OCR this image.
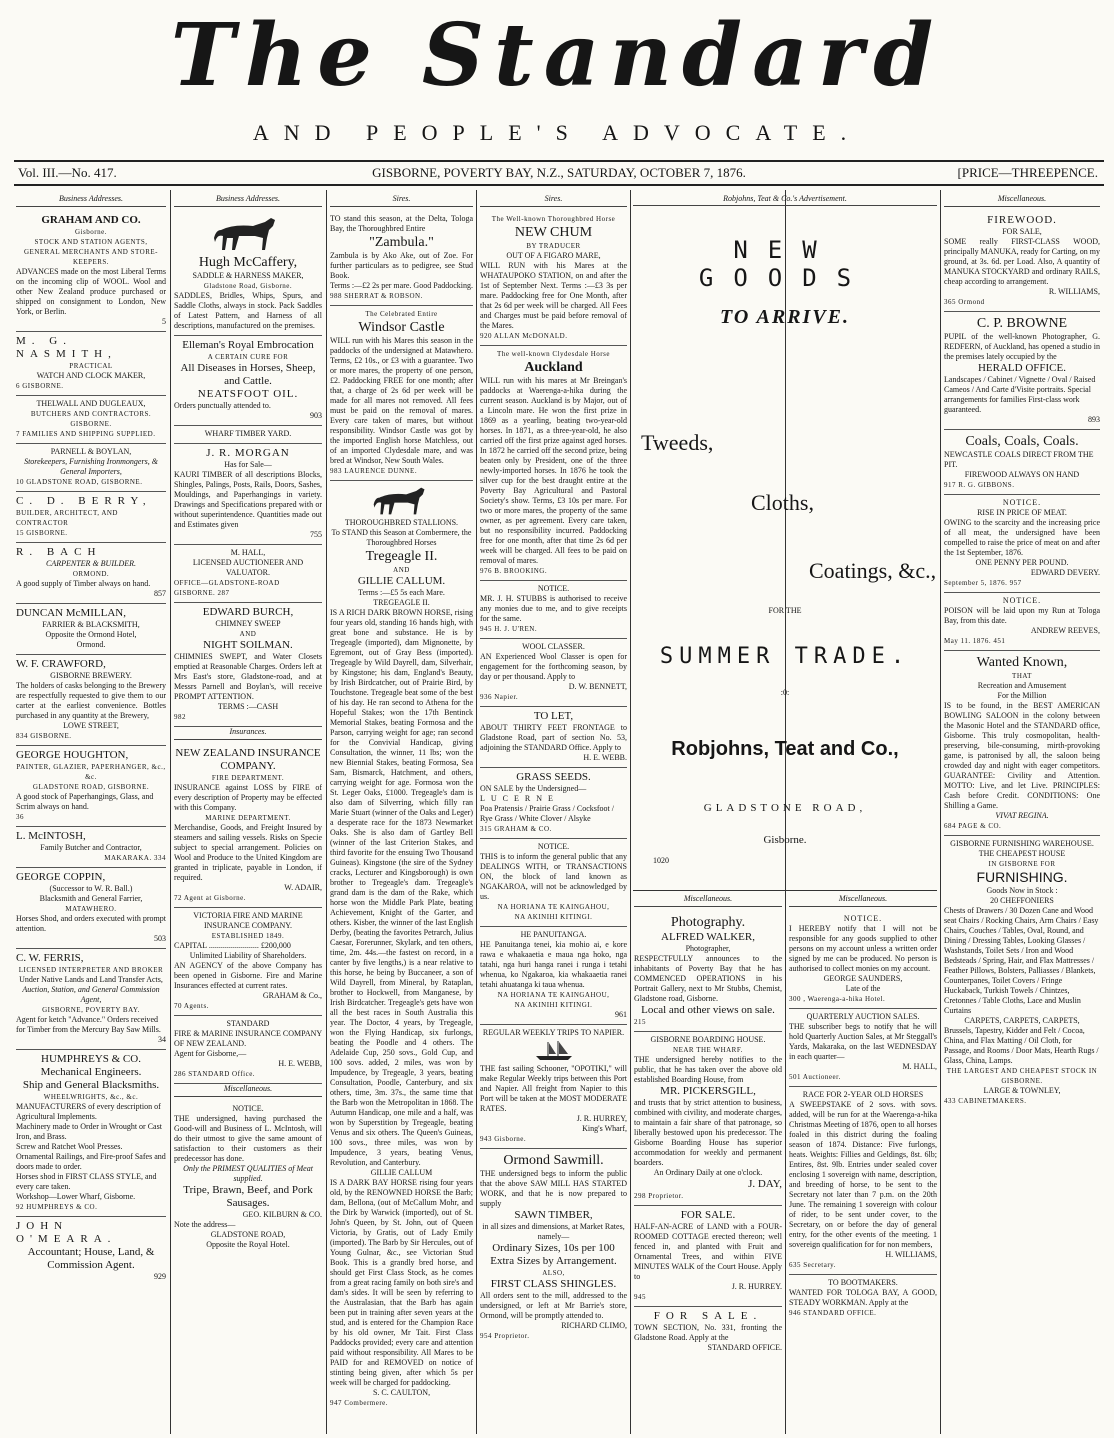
The Standard
AND PEOPLE'S ADVOCATE.
Vol. III.—No. 417.	GISBORNE, POVERTY BAY, N.Z., SATURDAY, OCTOBER 7, 1876.	[PRICE—THREEPENCE.
Business Addresses.

GRAHAM AND CO.

Gisborne.

STOCK AND STATION AGENTS,

GENERAL MERCHANTS AND STORE-KEEPERS.

ADVANCES made on the most Liberal Terms on the incoming clip of WOOL. Wool and other New Zealand produce purchased or shipped on consignment to London, New York, or Berlin.

5

M. G. NASMITH,

PRACTICAL

WATCH AND CLOCK MAKER,

6 GISBORNE.

THELWALL AND DUGLEAUX,

BUTCHERS AND CONTRACTORS.

GISBORNE.

7 FAMILIES AND SHIPPING SUPPLIED.

PARNELL & BOYLAN,

Storekeepers, Furnishing Ironmongers, & General Importers,

10 GLADSTONE ROAD, GISBORNE.

C. D. BERRY,

BUILDER, ARCHITECT, AND CONTRACTOR

15 GISBORNE.

R. BACH

CARPENTER & BUILDER.

ORMOND.

A good supply of Timber always on hand.

857

DUNCAN McMILLAN,

FARRIER & BLACKSMITH,

Opposite the Ormond Hotel,

Ormond.

W. F. CRAWFORD,

GISBORNE BREWERY.

The holders of casks belonging to the Brewery are respectfully requested to give them to our carter at the earliest convenience. Bottles purchased in any quantity at the Brewery,

LOWE STREET,

834 GISBORNE.

GEORGE HOUGHTON,

PAINTER, GLAZIER, PAPERHANGER, &c., &c.

GLADSTONE ROAD, GISBORNE.

A good stock of Paperhangings, Glass, and Scrim always on hand.

36

L. McINTOSH,

Family Butcher and Contractor,

MAKARAKA. 334

GEORGE COPPIN,

(Successor to W. R. Ball.)

Blacksmith and General Farrier,

MATAWHERO.

Horses Shod, and orders executed with prompt attention.

503

C. W. FERRIS,

LICENSED INTERPRETER AND BROKER

Under Native Lands and Land Transfer Acts,

Auction, Station, and General Commission Agent,

GISBORNE, POVERTY BAY.

Agent for ketch "Advance." Orders received for Timber from the Mercury Bay Saw Mills.

34

HUMPHREYS & CO.

Mechanical Engineers.

Ship and General Blacksmiths.

WHEELWRIGHTS, &c., &c.

MANUFACTURERS of every description of Agricultural Implements.

Machinery made to Order in Wrought or Cast Iron, and Brass.

Screw and Ratchet Wool Presses.

Ornamental Railings, and Fire-proof Safes and doors made to order.

Horses shod in FIRST CLASS STYLE, and every care taken.

Workshop—Lower Wharf, Gisborne.

92 HUMPHREYS & CO.

JOHN O'MEARA.

Accountant; House, Land, & Commission Agent.

929

Business Addresses.

Hugh McCaffery,

SADDLE & HARNESS MAKER,

Gladstone Road, Gisborne.

SADDLES, Bridles, Whips, Spurs, and Saddle Cloths, always in stock. Pack Saddles of Latest Pattern, and Harness of all descriptions, manufactured on the premises.

Elleman's Royal Embrocation

A CERTAIN CURE FOR

All Diseases in Horses, Sheep, and Cattle.

NEATSFOOT OIL.

Orders punctually attended to.

903

WHARF TIMBER YARD.

J. R. MORGAN

Has for Sale—

KAURI TIMBER of all descriptions Blocks, Shingles, Palings, Posts, Rails, Doors, Sashes, Mouldings, and Paperhangings in variety. Drawings and Specifications prepared with or without superintendence. Quantities made out and Estimates given

755

M. HALL,

LICENSED AUCTIONEER AND VALUATOR.

OFFICE—GLADSTONE-ROAD GISBORNE. 287

EDWARD BURCH,

CHIMNEY SWEEP

AND

NIGHT SOILMAN.

CHIMNIES SWEPT, and Water Closets emptied at Reasonable Charges. Orders left at Mrs East's store, Gladstone-road, and at Messrs Parnell and Boylan's, will receive PROMPT ATTENTION.

TERMS :—CASH

982

Insurances.

NEW ZEALAND INSURANCE COMPANY.

FIRE DEPARTMENT.

INSURANCE against LOSS by FIRE of every description of Property may be effected with this Company.

MARINE DEPARTMENT.

Merchandise, Goods, and Freight Insured by steamers and sailing vessels. Risks on Specie subject to special arrangement. Policies on Wool and Produce to the United Kingdom are granted in triplicate, payable in London, if required.

W. ADAIR,

72 Agent at Gisborne.

VICTORIA FIRE AND MARINE INSURANCE COMPANY.

ESTABLISHED 1849.

CAPITAL ......................... £200,000

Unlimited Liability of Shareholders.

AN AGENCY of the above Company has been opened in Gisborne. Fire and Marine Insurances effected at current rates.

GRAHAM & Co.,

70 Agents.

STANDARD

FIRE & MARINE INSURANCE COMPANY OF NEW ZEALAND.

Agent for Gisborne,—

H. E. WEBB,

286 STANDARD Office.

Miscellaneous.

NOTICE.

THE undersigned, having purchased the Good-will and Business of L. McIntosh, will do their utmost to give the same amount of satisfaction to their customers as their predecessor has done.

Only the PRIMEST QUALITIES of Meat supplied.

Tripe, Brawn, Beef, and Pork Sausages.

GEO. KILBURN & CO.

Note the address—

GLADSTONE ROAD,

Opposite the Royal Hotel.

Sires.

TO stand this season, at the Delta, Tologa Bay, the Thoroughbred Entire

"Zambula."

Zambula is by Ako Ake, out of Zoe. For further particulars as to pedigree, see Stud Book.

Terms :—£2 2s per mare. Good Paddocking.

988 SHERRAT & ROBSON.

The Celebrated Entire

Windsor Castle

WILL run with his Mares this season in the paddocks of the undersigned at Matawhero. Terms, £2 10s., or £3 with a guarantee. Two or more mares, the property of one person, £2. Paddocking FREE for one month; after that, a charge of 2s 6d per week will be made for all mares not removed. All fees must be paid on the removal of mares. Every care taken of mares, but without responsibility. Windsor Castle was got by the imported English horse Matchless, out of an imported Clydesdale mare, and was bred at Windsor, New South Wales.

983 LAURENCE DUNNE.

THOROUGHBRED STALLIONS.

To STAND this Season at Combermere, the Thoroughbred Horses

Tregeagle II.

AND

GILLIE CALLUM.

Terms :—£5 5s each Mare.

TREGEAGLE II.

IS A RICH DARK BROWN HORSE, rising four years old, standing 16 hands high, with great bone and substance. He is by Tregeagle (imported), dam Mignonette, by Egremont, out of Gray Bess (imported). Tregeagle by Wild Dayrell, dam, Silverhair, by Kingstone; his dam, England's Beauty, by Irish Birdcatcher, out of Prairie Bird, by Touchstone. Tregeagle beat some of the best of his day. He ran second to Athena for the Hopeful Stakes; won the 17th Bentinck Memorial Stakes, beating Formosa and the Parson, carrying weight for age; ran second for the Convivial Handicap, giving Consultation, the winner, 11 lbs; won the new Biennial Stakes, beating Formosa, Sea Sam, Bismarck, Hatchment, and others, carrying weight for age. Formosa won the St. Leger Oaks, £1000. Tregeagle's dam is also dam of Silverring, which filly ran Marie Stuart (winner of the Oaks and Leger) a desperate race for the 1873 Newmarket Oaks. She is also dam of Gartley Bell (winner of the last Criterion Stakes, and third favorite for the ensuing Two Thousand Guineas). Kingstone (the sire of the Sydney cracks, Lecturer and Kingsborough) is own brother to Tregeagle's dam. Tregeagle's grand dam is the dam of the Rake, which horse won the Middle Park Plate, beating Achievement, Knight of the Garter, and others. Kisber, the winner of the last English Derby, (beating the favorites Petrarch, Julius Caesar, Forerunner, Skylark, and ten others, time, 2m. 44s.—the fastest on record, in a canter by five lengths,) is a near relative to this horse, he being by Buccaneer, a son of Wild Dayrell, from Mineral, by Rataplan, brother to Hockwell, from Manganese, by Irish Birdcatcher. Tregeagle's gets have won all the best races in South Australia this year. The Doctor, 4 years, by Tregeagle, won the Flying Handicap, six furlongs, beating the Poodle and 4 others. The Adelaide Cup, 250 sovs., Gold Cup, and 100 sovs. added, 2 miles, was won by Impudence, by Tregeagle, 3 years, beating Consultation, Poodle, Canterbury, and six others, time, 3m. 37s., the same time that the Barb won the Metropolitan in 1868. The Autumn Handicap, one mile and a half, was won by Superstition by Tregeagle, beating Venus and six others. The Queen's Guineas, 100 sovs., three miles, was won by Impudence, 3 years, beating Venus, Revolution, and Canterbury.

GILLIE CALLUM

IS A DARK BAY HORSE rising four years old, by the RENOWNED HORSE the Barb; dam, Bellona, (out of McCallum Mohr, and the Dirk by Warwick (imported), out of St. John's Queen, by St. John, out of Queen Victoria, by Gratis, out of Lady Emily (imported). The Barb by Sir Hercules, out of Young Gulnar, &c., see Victorian Stud Book. This is a grandly bred horse, and should get First Class Stock, as he comes from a great racing family on both sire's and dam's sides. It will be seen by referring to the Australasian, that the Barb has again been put in training after seven years at the stud, and is entered for the Champion Race by his old owner, Mr Tait. First Class Paddocks provided; every care and attention paid without responsibility. All Mares to be PAID for and REMOVED on notice of stinting being given, after which 5s per week will be charged for paddocking.

S. C. CAULTON,

947 Combermere.

Sires.

The Well-known Thoroughbred Horse

NEW CHUM

BY TRADUCER

OUT OF A FIGARO MARE,

WILL RUN with his Mares at the WHATAUPOKO STATION, on and after the 1st of September Next. Terms :—£3 3s per mare. Paddocking free for One Month, after that 2s 6d per week will be charged. All Fees and Charges must be paid before removal of the Mares.

920 ALLAN McDONALD.

The well-known Clydesdale Horse

Auckland

WILL run with his mares at Mr Breingan's paddocks at Waerenga-a-hika during the current season. Auckland is by Major, out of a Lincoln mare. He won the first prize in 1869 as a yearling, beating two-year-old horses. In 1871, as a three-year-old, he also carried off the first prize against aged horses. In 1872 he carried off the second prize, being beaten only by President, one of the three newly-imported horses. In 1876 he took the silver cup for the best draught entire at the Poverty Bay Agricultural and Pastoral Society's show. Terms, £3 10s per mare. For two or more mares, the property of the same owner, as per agreement. Every care taken, but no responsibility incurred. Paddocking free for one month, after that time 2s 6d per week will be charged. All fees to be paid on removal of mares.

976 B. BROOKING.

NOTICE.

MR. J. H. STUBBS is authorised to receive any monies due to me, and to give receipts for the same.

945 H. J. U'REN.

WOOL CLASSER.

AN Experienced Wool Classer is open for engagement for the forthcoming season, by day or per thousand. Apply to

D. W. BENNETT,

936 Napier.

TO LET,

ABOUT THIRTY FEET FRONTAGE to Gladstone Road, part of section No. 53, adjoining the STANDARD Office. Apply to

H. E. WEBB.

GRASS SEEDS.

ON SALE by the Undersigned—

LUCERNE

Poa Pratensis / Prairie Grass / Cocksfoot / Rye Grass / White Clover / Alsyke

315 GRAHAM & CO.

NOTICE.

THIS is to inform the general public that any DEALINGS WITH, or TRANSACTIONS ON, the block of land known as NGAKAROA, will not be acknowledged by us.

NA HORIANA TE KAINGAHOU,

NA AKINIHI KITINGI.

HE PANUITANGA.

HE Panuitanga tenei, kia mohio ai, e kore rawa e whakaaetia e maua nga hoko, nga tatahi, nga huri hanga ranei i runga i tetahi whenua, ko Ngakaroa, kia whakaaetia ranei tetahi ahuatanga ki taua whenua.

NA HORIANA TE KAINGAHOU,

NA AKINIHI KITINGI.

961

REGULAR WEEKLY TRIPS TO NAPIER.

THE fast sailing Schooner, "OPOTIKI," will make Regular Weekly trips between this Port and Napier. All freight from Napier to this Port will be taken at the MOST MODERATE RATES.

J. R. HURREY,

King's Wharf,

943 Gisborne.

Ormond Sawmill.

THE undersigned begs to inform the public that the above SAW MILL HAS STARTED WORK, and that he is now prepared to supply

SAWN TIMBER,

in all sizes and dimensions, at Market Rates, namely—

Ordinary Sizes, 10s per 100

Extra Sizes by Arrangement.

ALSO,

FIRST CLASS SHINGLES.

All orders sent to the mill, addressed to the undersigned, or left at Mr Barrie's store, Ormond, will be promptly attended to.

RICHARD CLIMO,

954 Proprietor.

Robjohns, Teat & Co.'s Advertisement.
NEW GOODS
TO ARRIVE.
Tweeds,
Cloths,
Coatings, &c.,
FOR THE
SUMMER TRADE.
:0:
Robjohns, Teat and Co.,
GLADSTONE ROAD,
Gisborne.
1020
Miscellaneous.

Photography.

ALFRED WALKER,

Photographer,

RESPECTFULLY announces to the inhabitants of Poverty Bay that he has COMMENCED OPERATIONS in his Portrait Gallery, next to Mr Stubbs, Chemist, Gladstone road, Gisborne.

Local and other views on sale.

215

GISBORNE BOARDING HOUSE.

NEAR THE WHARF.

THE undersigned hereby notifies to the public, that he has taken over the above old established Boarding House, from

MR. PICKERSGILL,

and trusts that by strict attention to business, combined with civility, and moderate charges, to maintain a fair share of that patronage, so liberally bestowed upon his predecessor. The Gisborne Boarding House has superior accommodation for weekly and permanent boarders.

An Ordinary Daily at one o'clock.

J. DAY,

298 Proprietor.

FOR SALE.

HALF-AN-ACRE of LAND with a FOUR-ROOMED COTTAGE erected thereon; well fenced in, and planted with Fruit and Ornamental Trees, and within FIVE MINUTES WALK of the Court House. Apply to

J. R. HURREY.

945

FOR SALE.

TOWN SECTION, No. 331, fronting the Gladstone Road. Apply at the

STANDARD OFFICE.

Miscellaneous.

NOTICE.

I HEREBY notify that I will not be responsible for any goods supplied to other persons on my account unless a written order signed by me can be produced. No person is authorised to collect monies on my account.

GEORGE SAUNDERS,

Late of the

300 , Waerenga-a-hika Hotel.

QUARTERLY AUCTION SALES.

THE subscriber begs to notify that he will hold Quarterly Auction Sales, at Mr Steggall's Yards, Makaraka, on the last WEDNESDAY in each quarter—

M. HALL,

501 Auctioneer.

RACE FOR 2-YEAR OLD HORSES

A SWEEPSTAKE of 2 sovs. with sovs. added, will be run for at the Waerenga-a-hika Christmas Meeting of 1876, open to all horses foaled in this district during the foaling season of 1874. Distance: Five furlongs, heats. Weights: Fillies and Geldings, 8st. 6lb; Entires, 8st. 9lb. Entries under sealed cover enclosing 1 sovereign with name, description, and breeding of horse, to be sent to the Secretary not later than 7 p.m. on the 20th June. The remaining 1 sovereign with colour of rider, to be sent under cover, to the Secretary, on or before the day of general entry, for the other events of the meeting. 1 sovereign qualification for for non members,

H. WILLIAMS,

635 Secretary.

TO BOOTMAKERS.

WANTED FOR TOLOGA BAY, A GOOD, STEADY WORKMAN. Apply at the

946 STANDARD OFFICE.

Miscellaneous.

FIREWOOD.

FOR SALE,

SOME really FIRST-CLASS WOOD, principally MANUKA, ready for Carting, on my ground, at 3s. 6d. per Load. Also, A quantity of MANUKA STOCKYARD and ordinary RAILS, cheap according to arrangement.

R. WILLIAMS,

365 Ormond

C. P. BROWNE

PUPIL of the well-known Photographer, G. REDFERN, of Auckland, has opened a studio in the premises lately occupied by the

HERALD OFFICE.

Landscapes / Cabinet / Vignette / Oval / Raised Cameos / And Carte d'Visite portraits. Special arrangements for families First-class work guaranteed.

893

Coals, Coals, Coals.

NEWCASTLE COALS DIRECT FROM THE PIT.

FIREWOOD ALWAYS ON HAND

917 R. G. GIBBONS.

NOTICE.

RISE IN PRICE OF MEAT.

OWING to the scarcity and the increasing price of all meat, the undersigned have been compelled to raise the price of meat on and after the 1st September, 1876.

ONE PENNY PER POUND.

EDWARD DEVERY.

September 5, 1876. 957

NOTICE.

POISON will be laid upon my Run at Tologa Bay, from this date.

ANDREW REEVES,

May 11. 1876. 451

Wanted Known,

THAT

Recreation and Amusement

For the Million

IS to be found, in the BEST AMERICAN BOWLING SALOON in the colony between the Masonic Hotel and the STANDARD office, Gisborne. This truly cosmopolitan, health-preserving, bile-consuming, mirth-provoking game, is patronised by all, the saloon being crowded day and night with eager competitors. GUARANTEE: Civility and Attention. MOTTO: Live, and let Live. PRINCIPLES: Cash before Credit. CONDITIONS: One Shilling a Game.

VIVAT REGINA.

684 PAGE & CO.

GISBORNE FURNISHING WAREHOUSE.

THE CHEAPEST HOUSE

IN GISBORNE FOR

FURNISHING.

Goods Now in Stock :

20 CHEFFONIERS

Chests of Drawers / 30 Dozen Cane and Wood seat Chairs / Rocking Chairs, Arm Chairs / Easy Chairs, Couches / Tables, Oval, Round, and Dining / Dressing Tables, Looking Glasses / Washstands, Toilet Sets / Iron and Wood Bedsteads / Spring, Hair, and Flax Mattresses / Feather Pillows, Bolsters, Palliasses / Blankets, Counterpanes, Toilet Covers / Fringe Huckaback, Turkish Towels / Chintzes, Cretonnes / Table Cloths, Lace and Muslin Curtains

CARPETS, CARPETS, CARPETS,

Brussels, Tapestry, Kidder and Felt / Cocoa, China, and Flax Matting / Oil Cloth, for Passage, and Rooms / Door Mats, Hearth Rugs / Glass, China, Lamps.

THE LARGEST AND CHEAPEST STOCK IN GISBORNE.

LARGE & TOWNLEY,

433 CABINETMAKERS.
